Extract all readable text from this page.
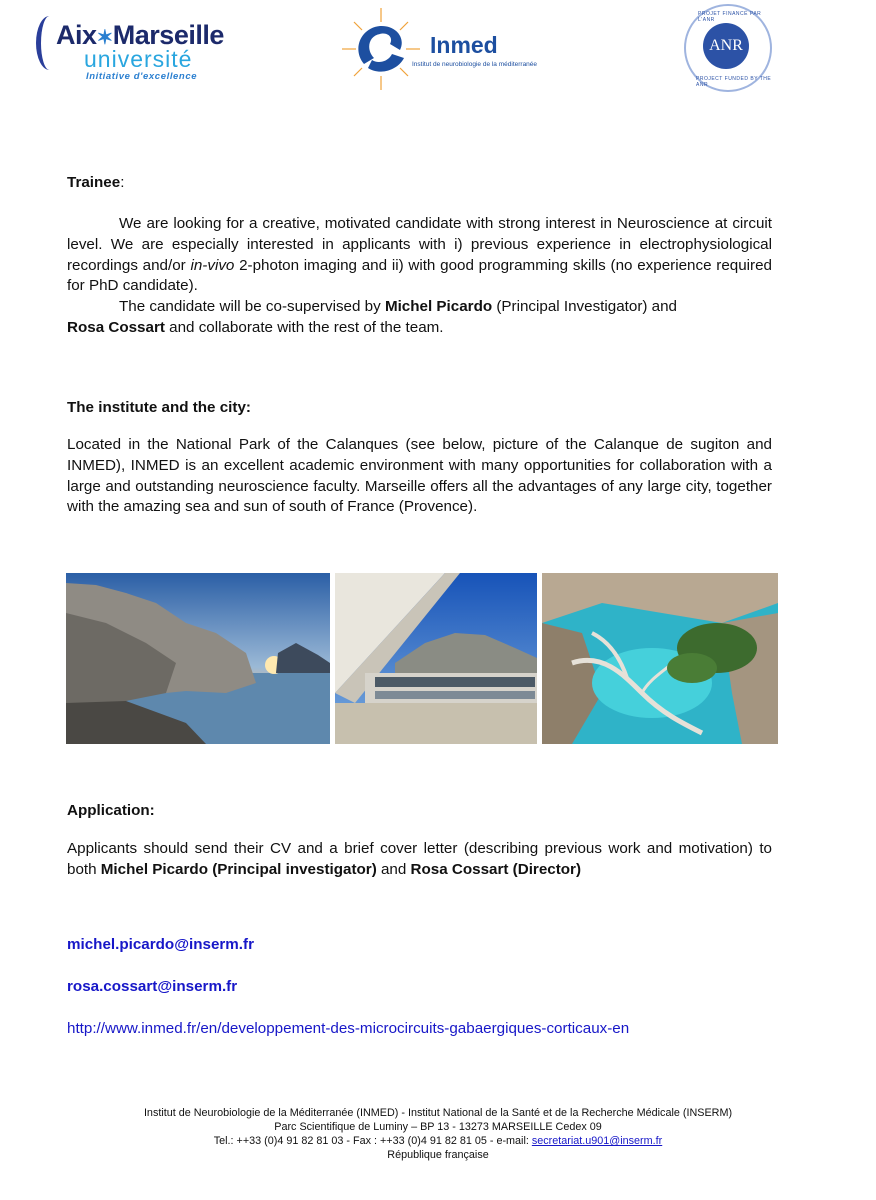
Aix✶Marseille
université
Initiative d'excellence
Inmed
Institut de neurobiologie de la méditerranée
ANR
PROJET FINANCÉ PAR L'ANR
PROJECT FUNDED BY THE ANR
Trainee:

We are looking for a creative, motivated candidate with strong interest in Neuroscience at circuit level. We are especially interested in applicants with i) previous experience in electrophysiological recordings and/or in-vivo 2-photon imaging and ii) with good programming skills (no experience required for PhD candidate).

The candidate will be co-supervised by Michel Picardo (Principal Investigator) and

Rosa Cossart and collaborate with the rest of the team.

The institute and the city:

Located in the National Park of the Calanques (see below, picture of the Calanque de sugiton and INMED), INMED is an excellent academic environment with many opportunities for collaboration with a large and outstanding neuroscience faculty. Marseille offers all the advantages of any large city, together with the amazing sea and sun of south of France (Provence).

Application:

Applicants should send their CV and a brief cover letter (describing previous work and motivation) to both Michel Picardo (Principal investigator) and Rosa Cossart (Director)

michel.picardo@inserm.fr
rosa.cossart@inserm.fr
http://www.inmed.fr/en/developpement-des-microcircuits-gabaergiques-corticaux-en
Institut de Neurobiologie de la Méditerranée (INMED) - Institut National de la Santé et de la Recherche Médicale (INSERM)
Parc Scientifique de Luminy – BP 13 - 13273 MARSEILLE Cedex 09
Tel.: ++33 (0)4 91 82 81 03 - Fax : ++33 (0)4 91 82 81 05 - e-mail: secretariat.u901@inserm.fr
République française
